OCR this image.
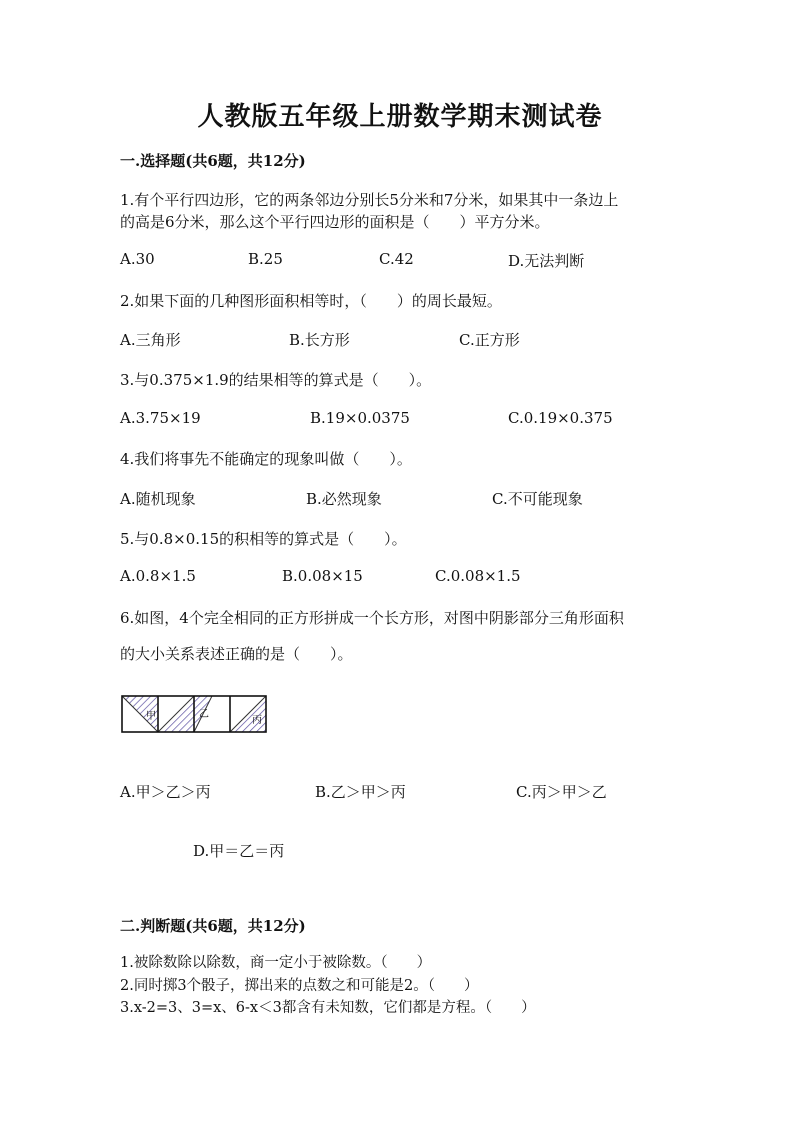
人教版五年级上册数学期末测试卷
一.选择题(共6题，共12分)
1.有个平行四边形，它的两条邻边分别长5分米和7分米，如果其中一条边上
的高是6分米，那么这个平行四边形的面积是（　　）平方分米。
A.30	B.25	C.42	D.无法判断
2.如果下面的几种图形面积相等时，（　　）的周长最短。
A.三角形	B.长方形	C.正方形
3.与0.375×1.9的结果相等的算式是（　　）。
A.3.75×19	B.19×0.0375	C.0.19×0.375
4.我们将事先不能确定的现象叫做（　　）。
A.随机现象	B.必然现象	C.不可能现象
5.与0.8×0.15的积相等的算式是（　　）。
A.0.8×1.5	B.0.08×15	C.0.08×1.5
6.如图，4个完全相同的正方形拼成一个长方形，对图中阴影部分三角形面积
的大小关系表述正确的是（　　）。
甲	乙
丙
A.甲＞乙＞丙	B.乙＞甲＞丙	C.丙＞甲＞乙
D.甲＝乙＝丙
二.判断题(共6题，共12分)
1.被除数除以除数，商一定小于被除数。（　　）
2.同时掷3个骰子，掷出来的点数之和可能是2。（　　）
3.x-2=3、3=x、6-x＜3都含有未知数，它们都是方程。（　　）
